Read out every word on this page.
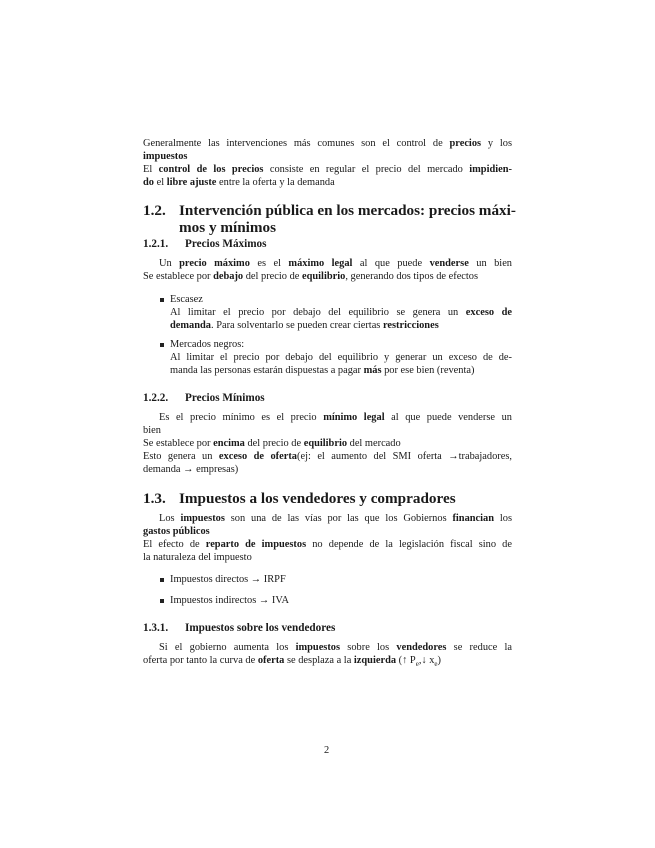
Generalmente las intervenciones más comunes son el control de precios y los
impuestos
El control de los precios consiste en regular el precio del mercado impidien-
do el libre ajuste entre la oferta y la demanda
1.2. Intervención pública en los mercados: precios máxi-
mos y mínimos
1.2.1. Precios Máximos
Un precio máximo es el máximo legal al que puede venderse un bien
Se establece por debajo del precio de equilibrio, generando dos tipos de efectos
Escasez
Al limitar el precio por debajo del equilibrio se genera un exceso de
demanda. Para solventarlo se pueden crear ciertas restricciones
Mercados negros:
Al limitar el precio por debajo del equilibrio y generar un exceso de de-
manda las personas estarán dispuestas a pagar más por ese bien (reventa)
1.2.2. Precios Mínimos
Es el precio mínimo es el precio mínimo legal al que puede venderse un
bien
Se establece por encima del precio de equilibrio del mercado
Esto genera un exceso de oferta(ej: el aumento del SMI oferta →trabajadores,
demanda → empresas)
1.3. Impuestos a los vendedores y compradores
Los impuestos son una de las vías por las que los Gobiernos financian los
gastos públicos
El efecto de reparto de impuestos no depende de la legislación fiscal sino de
la naturaleza del impuesto
Impuestos directos → IRPF
Impuestos indirectos → IVA
1.3.1. Impuestos sobre los vendedores
Si el gobierno aumenta los impuestos sobre los vendedores se reduce la
oferta por tanto la curva de oferta se desplaza a la izquierda (↑ $P_e,↓$ $x_e$)
2
